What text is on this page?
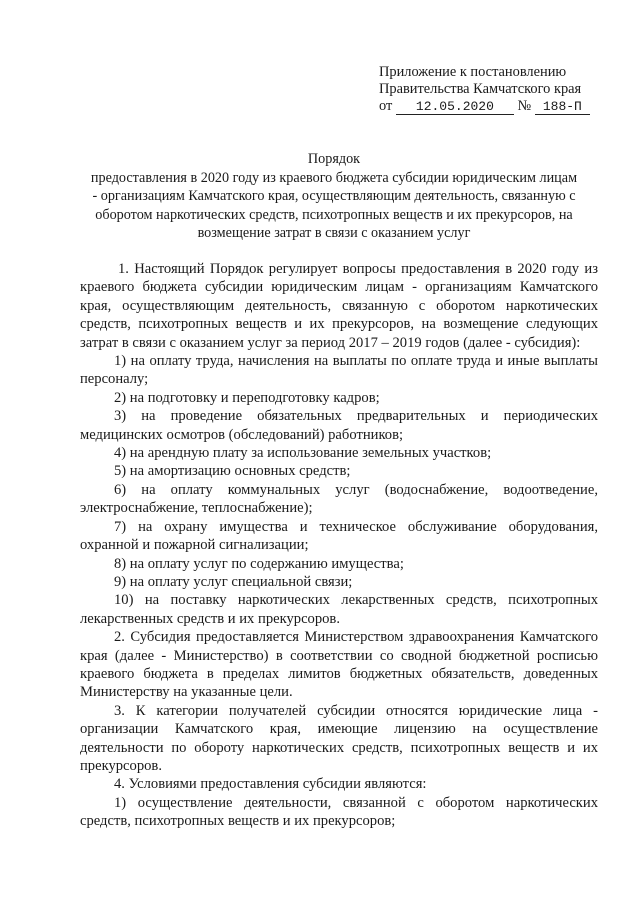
Приложение к постановлению
Правительства Камчатского края
от 12.05.2020 № 188-П
Порядок
предоставления в 2020 году из краевого бюджета субсидии юридическим лицам
- организациям Камчатского края, осуществляющим деятельность, связанную с
оборотом наркотических средств, психотропных веществ и их прекурсоров, на
возмещение затрат в связи с оказанием услуг
1. Настоящий Порядок регулирует вопросы предоставления в 2020 году из краевого бюджета субсидии юридическим лицам - организациям Камчатского края, осуществляющим деятельность, связанную с оборотом наркотических средств, психотропных веществ и их прекурсоров, на возмещение следующих затрат в связи с оказанием услуг за период 2017 – 2019 годов (далее - субсидия):
1) на оплату труда, начисления на выплаты по оплате труда и иные выплаты персоналу;
2) на подготовку и переподготовку кадров;
3) на проведение обязательных предварительных и периодических медицинских осмотров (обследований) работников;
4) на арендную плату за использование земельных участков;
5) на амортизацию основных средств;
6) на оплату коммунальных услуг (водоснабжение, водоотведение, электроснабжение, теплоснабжение);
7) на охрану имущества и техническое обслуживание оборудования, охранной и пожарной сигнализации;
8) на оплату услуг по содержанию имущества;
9) на оплату услуг специальной связи;
10) на поставку наркотических лекарственных средств, психотропных лекарственных средств и их прекурсоров.
2. Субсидия предоставляется Министерством здравоохранения Камчатского края (далее - Министерство) в соответствии со сводной бюджетной росписью краевого бюджета в пределах лимитов бюджетных обязательств, доведенных Министерству на указанные цели.
3. К категории получателей субсидии относятся юридические лица - организации Камчатского края, имеющие лицензию на осуществление деятельности по обороту наркотических средств, психотропных веществ и их прекурсоров.
4. Условиями предоставления субсидии являются:
1) осуществление деятельности, связанной с оборотом наркотических средств, психотропных веществ и их прекурсоров;
